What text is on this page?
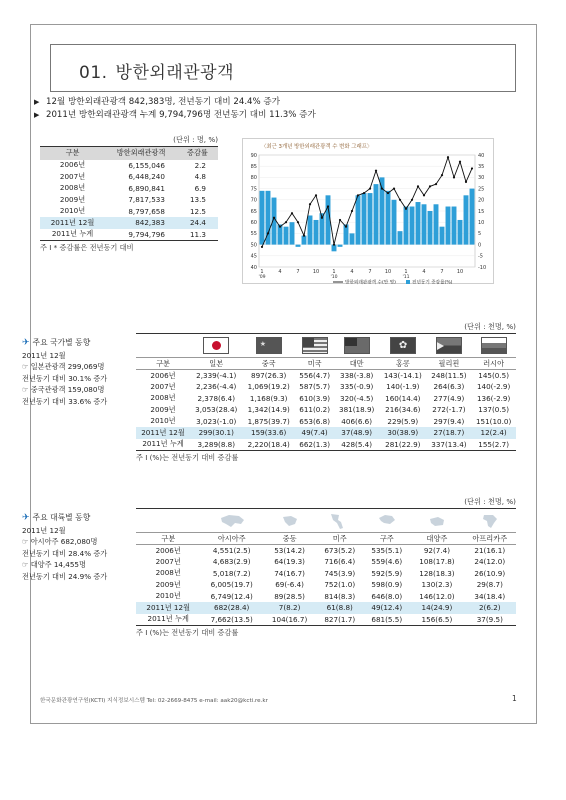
01. 방한외래관광객
▶ 12월 방한외래관광객 842,383명, 전년동기 대비 24.4% 증가
▶ 2011년 방한외래관광객 누계 9,794,796명 전년동기 대비 11.3% 증가
(단위 : 명, %)
구분	방한외래관광객	증감률
2006년	6,155,046	2.2
2007년	6,448,240	4.8
2008년	6,890,841	6.9
2009년	7,817,533	13.5
2010년	8,797,658	12.5
2011년 12월	842,383	24.4
2011년 누계	9,794,796	11.3
주 I * 증감률은 전년동기 대비
〈최근 3개년 방한외래관광객 수 변화 그래프〉
90
85
80
75
70
65
60
55
50
45
40
40
35
30
25
20
15
10
5
0
-5
-10
1	4	7	10	1	4	7	10	1	4	7	10
'09	'10	'11
방한외래관광객 수(만 명)	전년동기 증감률(%)
✈ 주요 국가별 동향
2011년 12월
☞ 일본관광객 299,069명
전년동기 대비 30.1% 증가
☞ 중국관광객 159,080명
전년동기 대비 33.6% 증가
(단위 : 천명, %)

		★			✿		

구분	일본	중국	미국	대만	홍콩	필리핀	러시아
2006년	2,339(-4.1)	897(26.3)	556(4.7)	338(-3.8)	143(-14.1)	248(11.5)	145(0.5)
2007년	2,236(-4.4)	1,069(19.2)	587(5.7)	335(-0.9)	140(-1.9)	264(6.3)	140(-2.9)
2008년	2,378(6.4)	1,168(9.3)	610(3.9)	320(-4.5)	160(14.4)	277(4.9)	136(-2.9)
2009년	3,053(28.4)	1,342(14.9)	611(0.2)	381(18.9)	216(34.6)	272(-1.7)	137(0.5)
2010년	3,023(-1.0)	1,875(39.7)	653(6.8)	406(6.6)	229(5.9)	297(9.4)	151(10.0)
2011년 12월	299(30.1)	159(33.6)	49(7.4)	37(48.9)	30(38.9)	27(18.7)	12(2.4)
2011년 누계	3,289(8.8)	2,220(18.4)	662(1.3)	428(5.4)	281(22.9)	337(13.4)	155(2.7)
주 I (%)는 전년동기 대비 증감률
✈ 주요 대륙별 동향
2011년 12월
☞ 아시아주 682,080명
전년동기 대비 28.4% 증가
☞ 대양주 14,455명
전년동기 대비 24.9% 증가
(단위 : 천명, %)

구분	아시아주	중동	미주	구주	대양주	아프리카주
2006년	4,551(2.5)	53(14.2)	673(5.2)	535(5.1)	92(7.4)	21(16.1)
2007년	4,683(2.9)	64(19.3)	716(6.4)	559(4.6)	108(17.8)	24(12.0)
2008년	5,018(7.2)	74(16.7)	745(3.9)	592(5.9)	128(18.3)	26(10.9)
2009년	6,005(19.7)	69(-6.4)	752(1.0)	598(0.9)	130(2.3)	29(8.7)
2010년	6,749(12.4)	89(28.5)	814(8.3)	646(8.0)	146(12.0)	34(18.4)
2011년 12월	682(28.4)	7(8.2)	61(8.8)	49(12.4)	14(24.9)	2(6.2)
2011년 누계	7,662(13.5)	104(16.7)	827(1.7)	681(5.5)	156(6.5)	37(9.5)
주 I (%)는 전년동기 대비 증감률
한국문화관광연구원(KCTI) 지식정보시스템 Tel: 02-2669-8475 e-mail: aak20@kcti.re.kr	1
